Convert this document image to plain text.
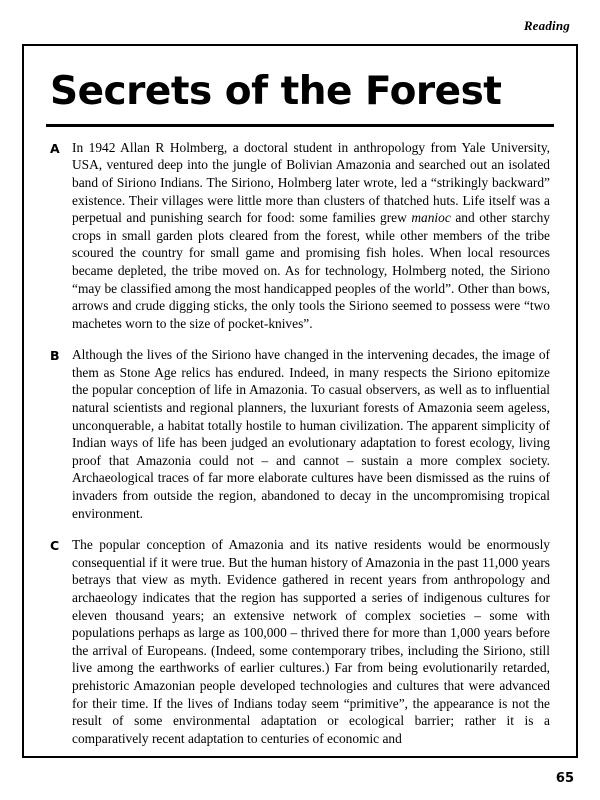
Reading
Secrets of the Forest
A In 1942 Allan R Holmberg, a doctoral student in anthropology from Yale University, USA, ventured deep into the jungle of Bolivian Amazonia and searched out an isolated band of Siriono Indians. The Siriono, Holmberg later wrote, led a “strikingly backward” existence. Their villages were little more than clusters of thatched huts. Life itself was a perpetual and punishing search for food: some families grew manioc and other starchy crops in small garden plots cleared from the forest, while other members of the tribe scoured the country for small game and promising fish holes. When local resources became depleted, the tribe moved on. As for technology, Holmberg noted, the Siriono “may be classified among the most handicapped peoples of the world”. Other than bows, arrows and crude digging sticks, the only tools the Siriono seemed to possess were “two machetes worn to the size of pocket-knives”.
B Although the lives of the Siriono have changed in the intervening decades, the image of them as Stone Age relics has endured. Indeed, in many respects the Siriono epitomize the popular conception of life in Amazonia. To casual observers, as well as to influential natural scientists and regional planners, the luxuriant forests of Amazonia seem ageless, unconquerable, a habitat totally hostile to human civilization. The apparent simplicity of Indian ways of life has been judged an evolutionary adaptation to forest ecology, living proof that Amazonia could not – and cannot – sustain a more complex society. Archaeological traces of far more elaborate cultures have been dismissed as the ruins of invaders from outside the region, abandoned to decay in the uncompromising tropical environment.
C The popular conception of Amazonia and its native residents would be enormously consequential if it were true. But the human history of Amazonia in the past 11,000 years betrays that view as myth. Evidence gathered in recent years from anthropology and archaeology indicates that the region has supported a series of indigenous cultures for eleven thousand years; an extensive network of complex societies – some with populations perhaps as large as 100,000 – thrived there for more than 1,000 years before the arrival of Europeans. (Indeed, some contemporary tribes, including the Siriono, still live among the earthworks of earlier cultures.) Far from being evolutionarily retarded, prehistoric Amazonian people developed technologies and cultures that were advanced for their time. If the lives of Indians today seem “primitive”, the appearance is not the result of some environmental adaptation or ecological barrier; rather it is a comparatively recent adaptation to centuries of economic and
65
